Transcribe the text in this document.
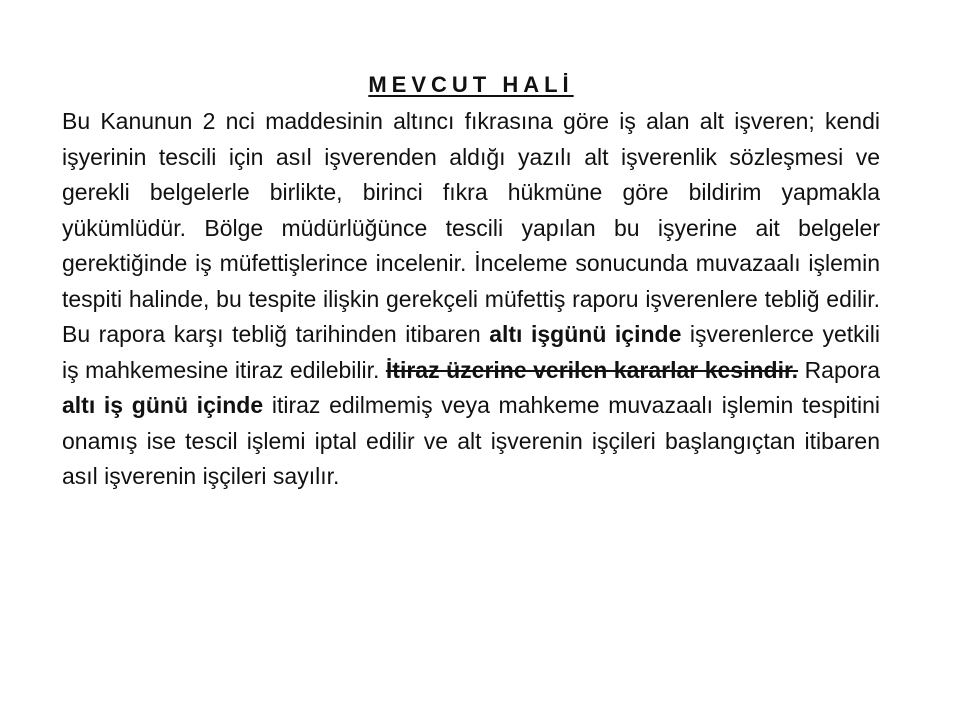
MEVCUT HALİ

Bu Kanunun 2 nci maddesinin altıncı fıkrasına göre iş alan alt işveren; kendi işyerinin tescili için asıl işverenden aldığı yazılı alt işverenlik sözleşmesi ve gerekli belgelerle birlikte, birinci fıkra hükmüne göre bildirim yapmakla yükümlüdür. Bölge müdürlüğünce tescili yapılan bu işyerine ait belgeler gerektiğinde iş müfettişlerince incelenir. İnceleme sonucunda muvazaalı işlemin tespiti halinde, bu tespite ilişkin gerekçeli müfettiş raporu işverenlere tebliğ edilir. Bu rapora karşı tebliğ tarihinden itibaren altı işgünü içinde işverenlerce yetkili iş mahkemesine itiraz edilebilir. İtiraz üzerine verilen kararlar kesindir. Rapora altı iş günü içinde itiraz edilmemiş veya mahkeme muvazaalı işlemin tespitini onamış ise tescil işlemi iptal edilir ve alt işverenin işçileri başlangıçtan itibaren asıl işverenin işçileri sayılır.
